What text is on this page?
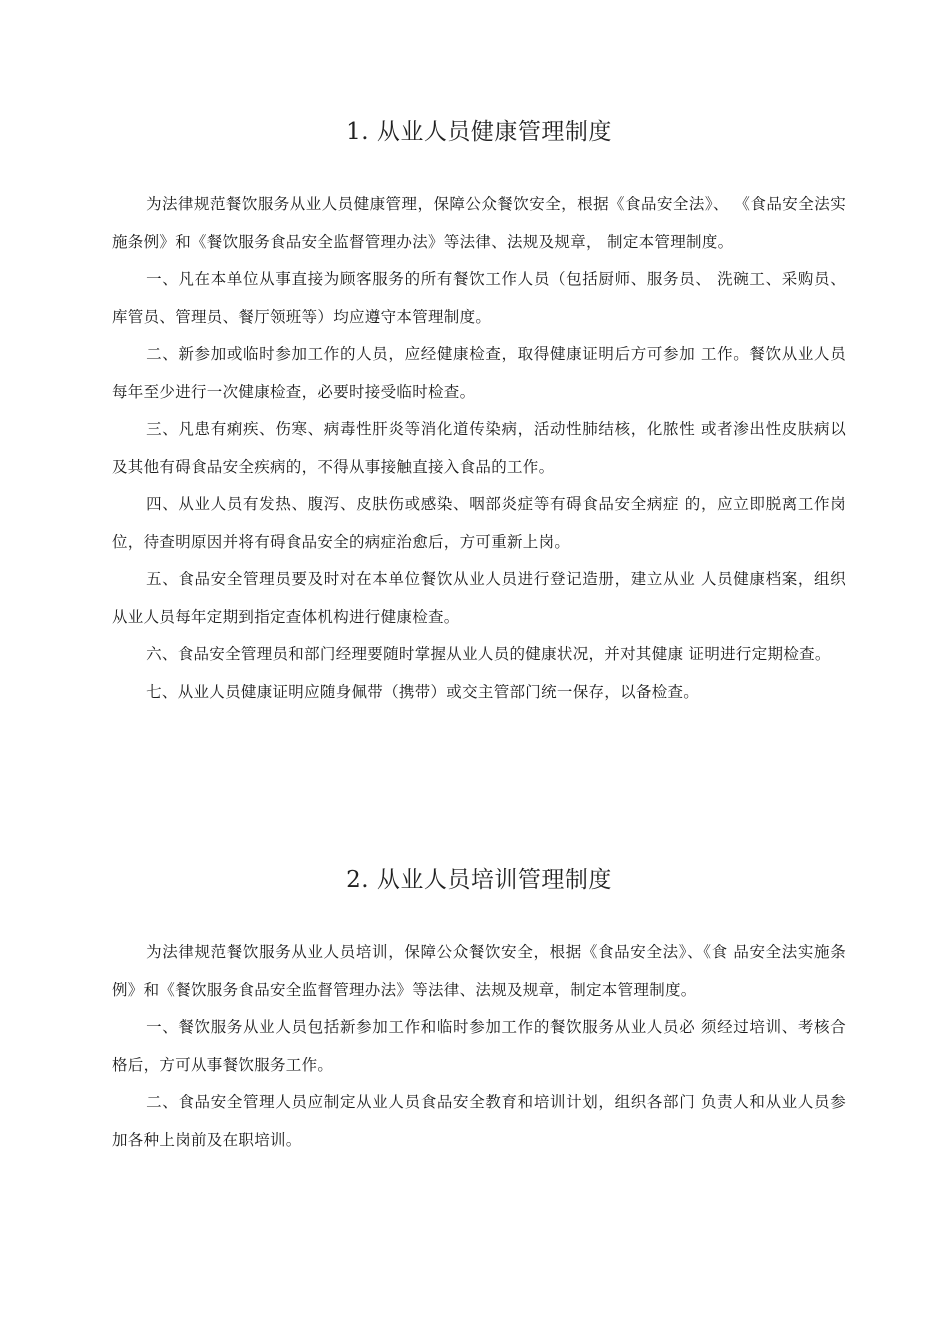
1. 从业人员健康管理制度

为法律规范餐饮服务从业人员健康管理，保障公众餐饮安全，根据《食品安全法》、 《食品安全法实施条例》和《餐饮服务食品安全监督管理办法》等法律、法规及规章， 制定本管理制度。

一、凡在本单位从事直接为顾客服务的所有餐饮工作人员（包括厨师、服务员、 洗碗工、采购员、库管员、管理员、餐厅领班等）均应遵守本管理制度。

二、新参加或临时参加工作的人员，应经健康检查，取得健康证明后方可参加 工作。餐饮从业人员每年至少进行一次健康检查，必要时接受临时检查。

三、凡患有痢疾、伤寒、病毒性肝炎等消化道传染病，活动性肺结核，化脓性 或者渗出性皮肤病以及其他有碍食品安全疾病的，不得从事接触直接入食品的工作。

四、从业人员有发热、腹泻、皮肤伤或感染、咽部炎症等有碍食品安全病症 的，应立即脱离工作岗位，待查明原因并将有碍食品安全的病症治愈后，方可重新上岗。

五、食品安全管理员要及时对在本单位餐饮从业人员进行登记造册，建立从业 人员健康档案，组织从业人员每年定期到指定查体机构进行健康检查。

六、食品安全管理员和部门经理要随时掌握从业人员的健康状况，并对其健康 证明进行定期检查。

七、从业人员健康证明应随身佩带（携带）或交主管部门统一保存，以备检查。

2. 从业人员培训管理制度

为法律规范餐饮服务从业人员培训，保障公众餐饮安全，根据《食品安全法》、《食 品安全法实施条例》和《餐饮服务食品安全监督管理办法》等法律、法规及规章，制定本管理制度。

一、餐饮服务从业人员包括新参加工作和临时参加工作的餐饮服务从业人员必 须经过培训、考核合格后，方可从事餐饮服务工作。

二、食品安全管理人员应制定从业人员食品安全教育和培训计划，组织各部门 负责人和从业人员参加各种上岗前及在职培训。
